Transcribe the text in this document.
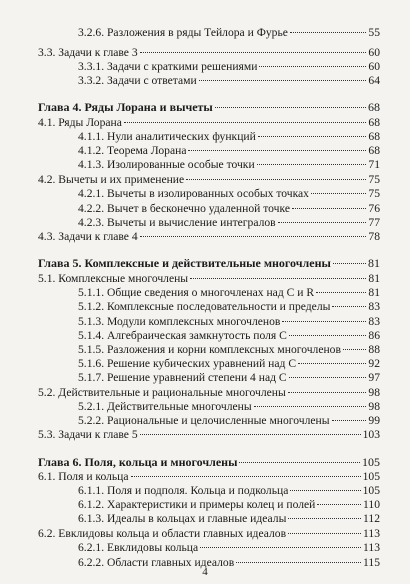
3.2.6. Разложения в ряды Тейлора и Фурье	55
3.3. Задачи к главе 3	60
3.3.1. Задачи с краткими решениями	60
3.3.2. Задачи с ответами	64
Глава 4. Ряды Лорана и вычеты	68
4.1. Ряды Лорана	68
4.1.1. Нули аналитических функций	68
4.1.2. Теорема Лорана	68
4.1.3. Изолированные особые точки	71
4.2. Вычеты и их применение	75
4.2.1. Вычеты в изолированных особых точках	75
4.2.2. Вычет в бесконечно удаленной точке	76
4.2.3. Вычеты и вычисление интегралов	77
4.3. Задачи к главе 4	78
Глава 5. Комплексные и действительные многочлены	81
5.1. Комплексные многочлены	81
5.1.1. Общие сведения о многочленах над C и R	81
5.1.2. Комплексные последовательности и пределы	83
5.1.3. Модули комплексных многочленов	83
5.1.4. Алгебраическая замкнутость поля C	86
5.1.5. Разложения и корни комплексных многочленов 88
5.1.6. Решение кубических уравнений над C	92
5.1.7. Решение уравнений степени 4 над C	97
5.2. Действительные и рациональные многочлены	98
5.2.1. Действительные многочлены	98
5.2.2. Рациональные и целочисленные многочлены	99
5.3. Задачи к главе 5	103
Глава 6. Поля, кольца и многочлены	105
6.1. Поля и кольца	105
6.1.1. Поля и подполя. Кольца и подкольца	105
6.1.2. Характеристики и примеры колец и полей	110
6.1.3. Идеалы в кольцах и главные идеалы	112
6.2. Евклидовы кольца и области главных идеалов	113
6.2.1. Евклидовы кольца	113
6.2.2. Области главных идеалов	115
4
